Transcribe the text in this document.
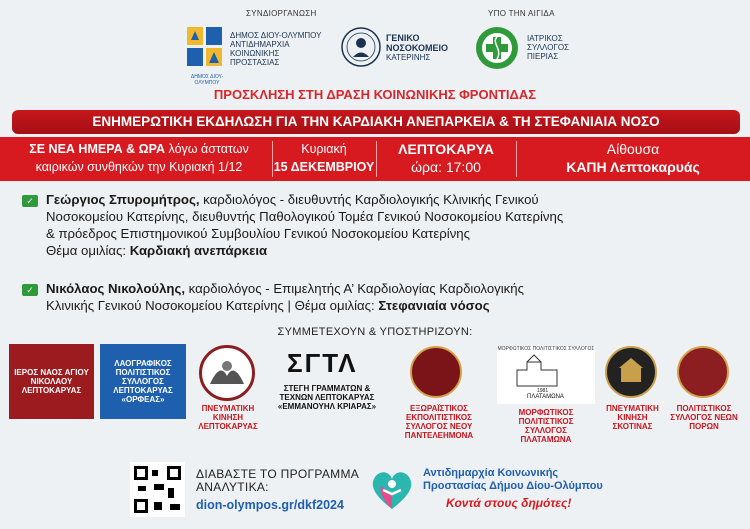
ΣΥΝΔΙΟΡΓΑΝΩΣΗ	ΥΠΟ ΤΗΝ ΑΙΓΙΔΑ
ΔΗΜΟΣ ΔΙΟΥ-ΟΛΥΜΠΟΥ
ΔΗΜΟΣ ΔΙΟΥ-ΟΛΥΜΠΟΥ
ΑΝΤΙΔΗΜΑΡΧΙΑ
ΚΟΙΝΩΝΙΚΗΣ
ΠΡΟΣΤΑΣΙΑΣ
ΓΕΝΙΚΟ
ΝΟΣΟΚΟΜΕΙΟ
ΚΑΤΕΡΙΝΗΣ
ΙΑΤΡΙΚΟΣ
ΣΥΛΛΟΓΟΣ
ΠΙΕΡΙΑΣ
ΠΡΟΣΚΛΗΣΗ ΣΤΗ ΔΡΑΣΗ ΚΟΙΝΩΝΙΚΗΣ ΦΡΟΝΤΙΔΑΣ
ΕΝΗΜΕΡΩΤΙΚΗ ΕΚΔΗΛΩΣΗ ΓΙΑ ΤΗΝ ΚΑΡΔΙΑΚΗ ΑΝΕΠΑΡΚΕΙΑ & ΤΗ ΣΤΕΦΑΝΙΑΙΑ ΝΟΣΟ
ΣΕ ΝΕΑ ΗΜΕΡΑ & ΩΡΑ λόγω άστατων
καιρικών συνθηκών την Κυριακή 1/12
Κυριακή
15 ΔΕΚΕΜΒΡΙΟΥ
ΛΕΠΤΟΚΑΡΥΑ
ώρα: 17:00
Αίθουσα
ΚΑΠΗ Λεπτοκαρυάς
✓ Γεώργιος Σπυρομήτρος, καρδιολόγος - διευθυντής Καρδιολογικής Κλινικής Γενικού
Νοσοκομείου Κατερίνης, διευθυντής Παθολογικού Τομέα Γενικού Νοσοκομείου Κατερίνης
& πρόεδρος Επιστημονικού Συμβουλίου Γενικού Νοσοκομείου Κατερίνης
Θέμα ομιλίας: Καρδιακή ανεπάρκεια
✓ Νικόλαος Νικολούλης, καρδιολόγος - Επιμελητής Α’ Καρδιολογίας Καρδιολογικής
Κλινικής Γενικού Νοσοκομείου Κατερίνης | Θέμα ομιλίας: Στεφανιαία νόσος
ΣΥΜΜΕΤΕΧΟΥΝ & ΥΠΟΣΤΗΡΙΖΟΥΝ:
ΙΕΡΟΣ ΝΑΟΣ ΑΓΙΟΥ ΝΙΚΟΛΑΟΥ ΛΕΠΤΟΚΑΡΥΑΣ
ΛΑΟΓΡΑΦΙΚΟΣ ΠΟΛΙΤΙΣΤΙΚΟΣ ΣΥΛΛΟΓΟΣ ΛΕΠΤΟΚΑΡΥΑΣ «ΟΡΦΕΑΣ»
ΠΝΕΥΜΑΤΙΚΗ ΚΙΝΗΣΗ ΛΕΠΤΟΚΑΡΥΑΣ
ΣΓΤΛ
ΣΤΕΓΗ ΓΡΑΜΜΑΤΩΝ & ΤΕΧΝΩΝ ΛΕΠΤΟΚΑΡΥΑΣ «ΕΜΜΑΝΟΥΗΛ ΚΡΙΑΡΑΣ»	ΕΞΩΡΑΪΣΤΙΚΟΣ ΕΚΠΟΛΙΤΙΣΤΙΚΟΣ ΣΥΛΛΟΓΟΣ ΝΕΟΥ ΠΑΝΤΕΛΕΗΜΟΝΑ
ΜΟΡΦΩΤΙΚΟΣ ΠΟΛΙΤΙΣΤΙΚΟΣ ΣΥΛΛΟΓΟΣ
1981
ΠΛΑΤΑΜΩΝΑ
ΜΟΡΦΩΤΙΚΟΣ ΠΟΛΙΤΙΣΤΙΚΟΣ ΣΥΛΛΟΓΟΣ ΠΛΑΤΑΜΩΝΑ
ΠΝΕΥΜΑΤΙΚΗ ΚΙΝΗΣΗ ΣΚΟΤΙΝΑΣ
ΠΟΛΙΤΙΣΤΙΚΟΣ ΣΥΛΛΟΓΟΣ ΝΕΩΝ ΠΟΡΩΝ
ΔΙΑΒΑΣΤΕ ΤΟ ΠΡΟΓΡΑΜΜΑ
ΑΝΑΛΥΤΙΚΑ:
dion-olympos.gr/dkf2024
Αντιδημαρχία Κοινωνικής
Προστασίας Δήμου Δίου-Ολύμπου
Κοντά στους δημότες!
